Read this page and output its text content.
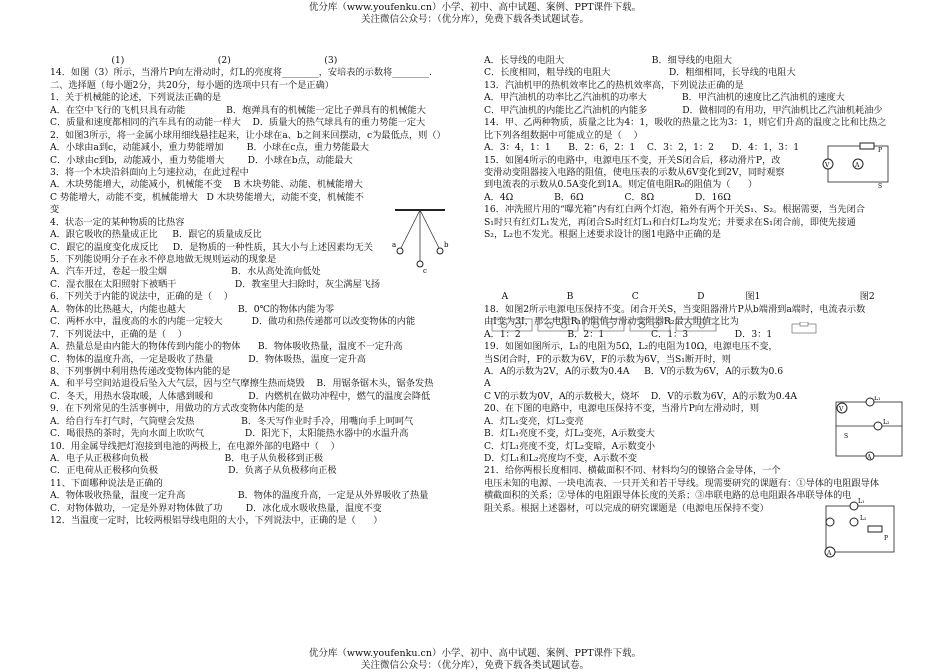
优分库（www.youfenku.cn）小学、初中、高中试题、案例、PPT课件下载。
关注微信公众号：（优分库），免费下载各类试题试卷。
(1)                                (2)                                (3)
14．如图（3）所示，当滑片P向左滑动时，灯L的亮度将________，安培表的示数将________.
二、选择题（每小题2分，共20分，每小题的选项中只有一个是正确）
1．关于机械能的论述，下列说法正确的是
A．在空中飞行的飞机只具有动能              B．炮弹具有的机械能一定比子弹具有的机械能大
C．质量和速度都相同的汽车具有的动能一样大    D．质量大的热气球具有的重力势能一定大
2．如图3所示，将一金属小球用细线悬挂起来，让小球在a、b之间来回摆动，c为最低点，则（）
A．小球由a到c，动能减小，重力势能增加        B．小球在c点，重力势能最大
C．小球由c到b，动能减小，重力势能增大        D．小球在b点，动能最大
3．将一个木块沿斜面向上匀速拉动，在此过程中
A．木块势能增大，动能减小，机械能不变    B 木块势能、动能、机械能增大
C 势能增大，动能不变，机械能增大   D 木块势能增大，动能不变，机械能不
变
4．状态一定的某种物质的比热容
A．跟它吸收的热量成正比     B．跟它的质量成反比
C．跟它的温度变化成反比     D．是物质的一种性质，其大小与上述因素均无关
5．下列能说明分子在永不停息地做无规则运动的现象是
A．汽车开过，卷起一股尘烟                      B．水从高处流向低处
C．湿衣服在太阳照射下被晒干                    D．教室里大扫除时，灰尘满屋飞扬
6．下列关于内能的说法中，正确的是（    ）
A．物体的比热越大，内能也越大                  B．0℃的物体内能为零
C．两杯水中，温度高的水的内能一定较大          D．做功和热传递都可以改变物体的内能
7．下列说法中，正确的是（    ）
A．热量总是由内能大的物体传到内能小的物体      B．物体吸收热量，温度不一定升高
C．物体的温度升高，一定是吸收了热量            D．物体吸热，温度一定升高
8、下列事例中利用热传递改变物体内能的是
A．和平号空间站退役后坠入大气层，因与空气摩擦生热而烧毁    B．用锯条锯木头，锯条发热
C．冬天，用热水袋取暖，人体感到暖和            D．内燃机在做功冲程中，燃气的温度会降低
9．在下列常见的生活事例中，用做功的方式改变物体内能的是
A．给自行车打气时，气筒壁会发热                B．冬天写作业时手冷，用嘴向手上呵呵气
C．喝很热的茶时，先向水面上吹吹气              D．阳光下，太阳能热水器中的水温升高
10．用金属导线把灯泡接到电池的两极上，在电源外部的电路中（    ）
A．电子从正极移向负极                          B．电子从负极移到正极
C．正电荷从正极移向负极                        D．负离子从负极移向正极
11、下面哪种说法是正确的
A．物体吸收热量，温度一定升高                  B．物体的温度升高，一定是从外界吸收了热量
C．对物体做功，一定是外界对物体做了功        D．冰化成水吸收热量，温度不变
12．当温度一定时，比较两根铝导线电阻的大小，下列说法中，正确的是（      ）
A．长导线的电阻大                              B．细导线的电阻大
C．长度相同，粗导线的电阻大                    D．粗细相同，长导线的电阻大
13．汽油机甲的热机效率比乙的热机效率高，下列说法正确的是
A．甲汽油机的功率比乙汽油机的功率大            B．甲汽油机的速度比乙汽油机的速度大
C．甲汽油机的内能比乙汽油机的内能多            D．做相同的有用功，甲汽油机比乙汽油机耗油少
14．甲、乙两种物质，质量之比为4：1，吸收的热量之比为3：1，则它们升高的温度之比和比热之
比下列各组数据中可能成立的是（    ）
A．3：4，1：1      B．2：6，2：1    C．3：2，1：2      D．4：1，3：1
15．如图4所示的电路中，电源电压不变，开关S闭合后，移动滑片P，改
变滑动变阻器接入电路的阻值，使电压表的示数从6V变化到2V，同时观察
到电流表的示数从0.5A变化到1A。则定值电阻R₀的阻值为（      ）
A．4Ω              B．6Ω              C．8Ω              D．16Ω
16．冲洗照片用的“曝光箱”内有红白两个灯泡，箱外有两个开关S₁、S₂。根据需要，当先闭合
S₁时只有红灯L₁发光，再闭合S₂时红灯L₁和白灯L₂均发光；并要求在S₁闭合前，即使先接通
S₂，L₂也不发光。根据上述要求设计的图1电路中正确的是
A                    B                    C                    D              图1                                  图2
18．如图2所示电源电压保持不变。闭合开关S，当变阻器滑片P从b端滑到a端时，电流表示数
由I变为3I，那么电阻R₁的阻值与滑动变阻器R₂最大阻值之比为
A．1：2                B．2：1                C．1：3                D．3：1
19．如图如图所示，L₁的电阻为5Ω，L₂的电阻为10Ω，电源电压不变，
当S闭合时，F的示数为6V，F的示数为6V，当S₁断开时，则
A．A的示数为2V，A的示数为0.4A     B．V的示数为6V，A的示数为0.6
A
C V的示数为0V，A的示数极大，烧坏    D．V的示数为6V，A的示数为0.4A
20、在下图的电路中，电源电压保持不变，当滑片P向左滑动时，则
A．灯L₁变亮，灯L₂变亮
B．灯L₁亮度不变，灯L₂变亮，A示数变大
C．灯L₁亮度不变，灯L₂变暗，A示数变小
D．灯L₁和L₂亮度均不变，A示数不变
21．给你两根长度相同、横截面积不同、材料均匀的镍铬合金导体，一个
电压未知的电源、一块电流表、一只开关和若干导线。现需要研究的课题有：①导体的电阻跟导体
横截面积的关系；②导体的电阻跟导体长度的关系；③串联电路的总电阻跟各串联导体的电
阻关系。根据上述器材，可以完成的研究课题是（电源电压保持不变）
a	b
c
V	A
P
S
V
L₁
L₂
S
A
L₁
L₂
P
A
优分库（www.youfenku.cn）小学、初中、高中试题、案例、PPT课件下载。
关注微信公众号：（优分库），免费下载各类试题试卷。
